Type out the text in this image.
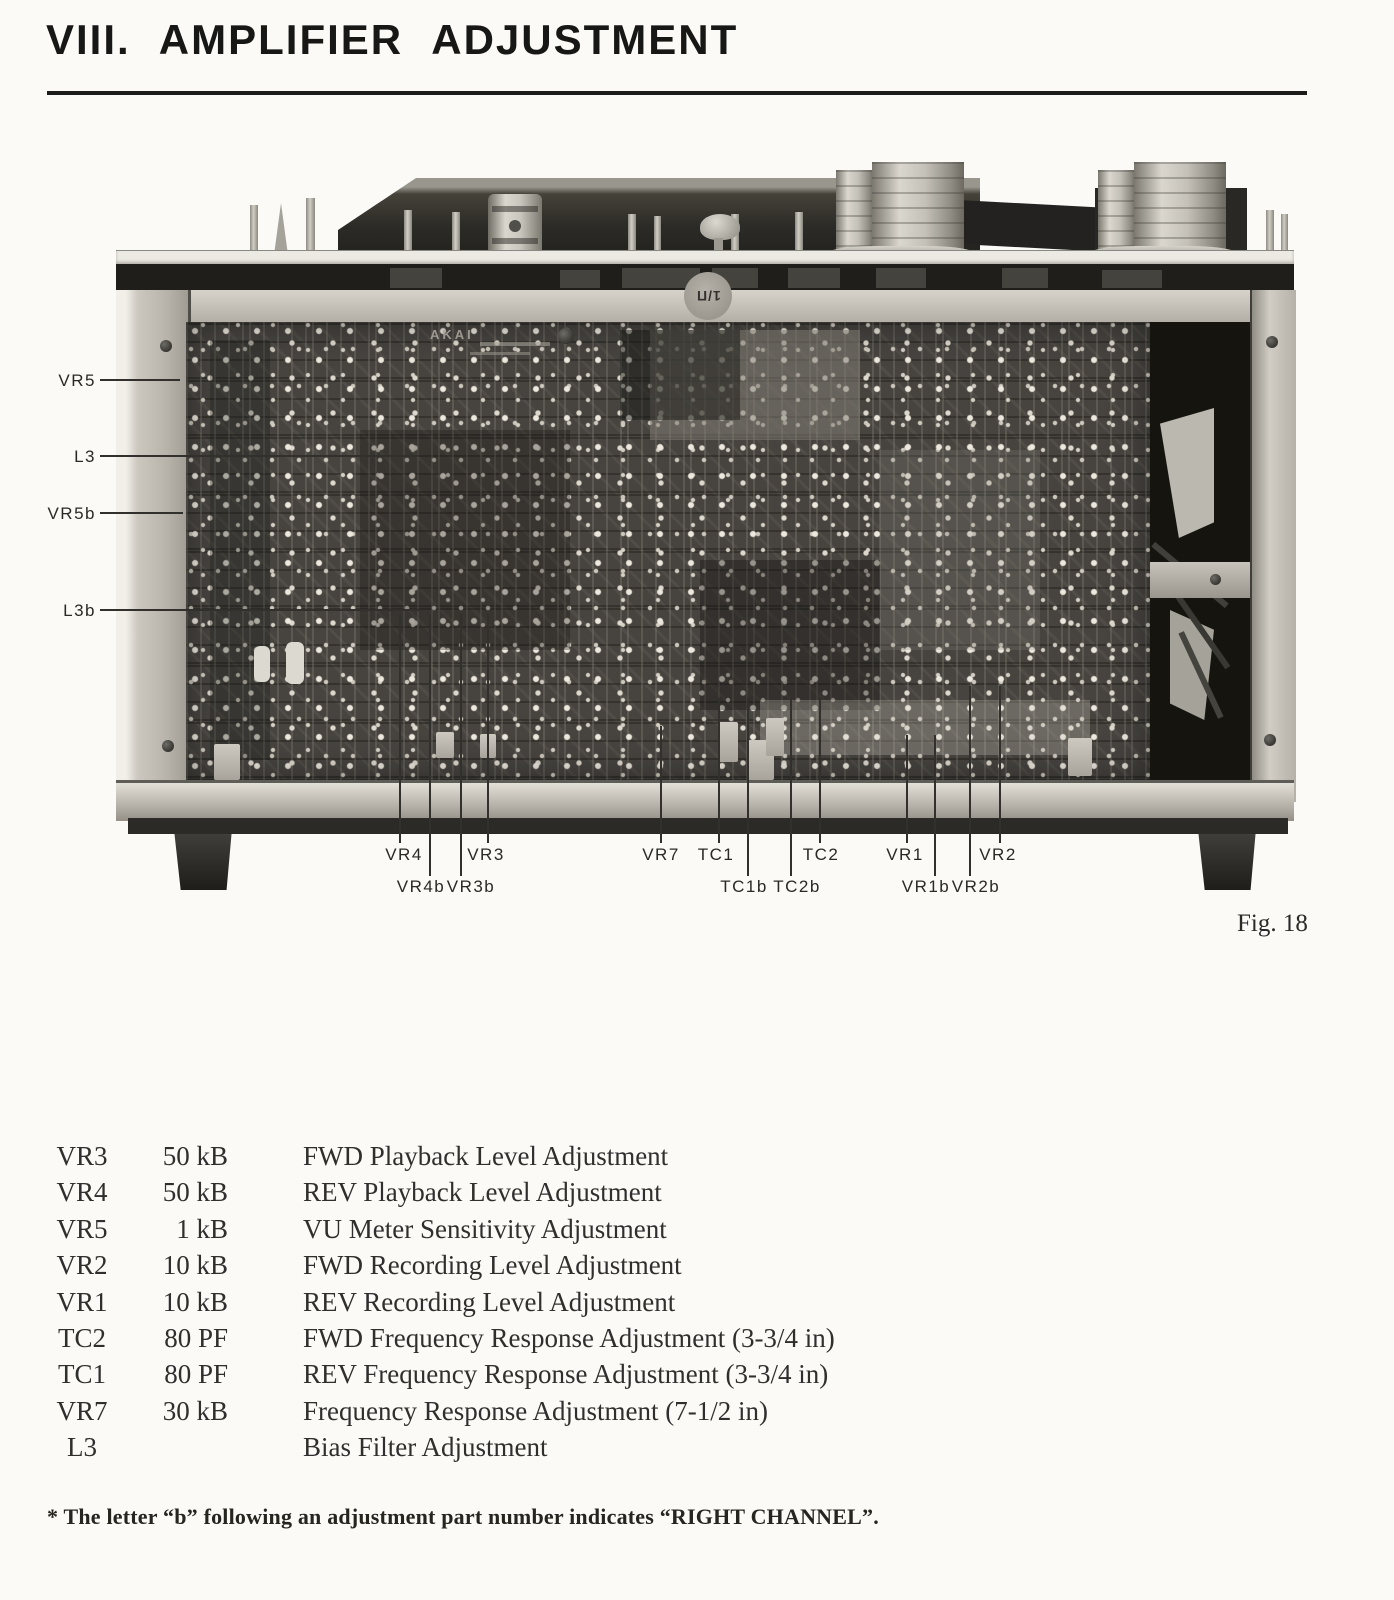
VIII. AMPLIFIER ADJUSTMENT
1/Π
AKAI
VR5
L3
VR5b
L3b
VR4	VR3	VR7 TC1	TC2	VR1	VR2
VR4b VR3b	TC1b TC2b	VR1b VR2b
Fig. 18
VR3	50 kB	FWD Playback Level Adjustment
VR4	50 kB	REV Playback Level Adjustment
VR5	1 kB	VU Meter Sensitivity Adjustment
VR2	10 kB	FWD Recording Level Adjustment
VR1	10 kB	REV Recording Level Adjustment
TC2	80 PF	FWD Frequency Response Adjustment (3-3/4 in)
TC1	80 PF	REV Frequency Response Adjustment (3-3/4 in)
VR7	30 kB	Frequency Response Adjustment (7-1/2 in)
L3	Bias Filter Adjustment

* The letter “b” following an adjustment part number indicates “RIGHT CHANNEL”.
